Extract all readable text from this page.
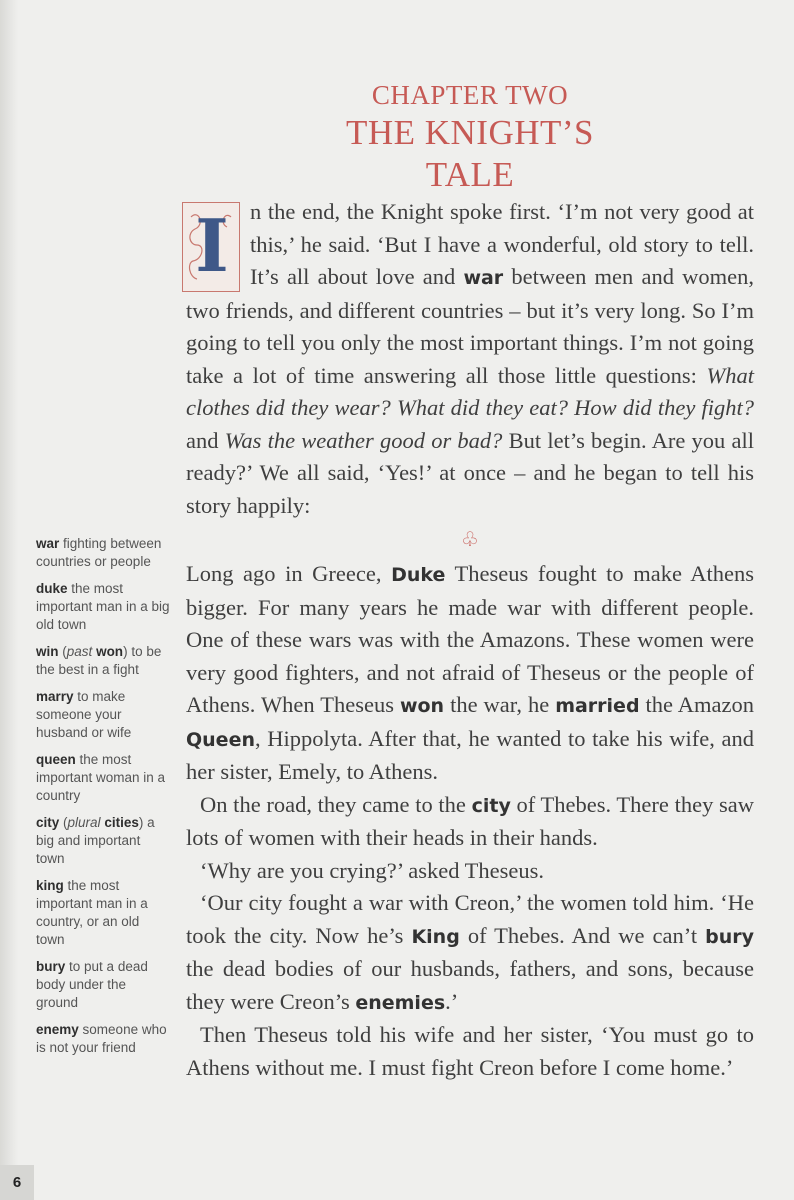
CHAPTER TWO
THE KNIGHT’S TALE

I n the end, the Knight spoke first. ‘I’m not very good at this,’ he said. ‘But I have a wonderful, old story to tell. It’s all about love and war between men and women, two friends, and different countries – but it’s very long. So I’m going to tell you only the most important things. I’m not going take a lot of time answering all those little questions: What clothes did they wear? What did they eat? How did they fight? and Was the weather good or bad? But let’s begin. Are you all ready?’ We all said, ‘Yes!’ at once – and he began to tell his story happily:

♧

Long ago in Greece, Duke Theseus fought to make Athens bigger. For many years he made war with different people. One of these wars was with the Amazons. These women were very good fighters, and not afraid of Theseus or the people of Athens. When Theseus won the war, he married the Amazon Queen, Hippolyta. After that, he wanted to take his wife, and her sister, Emely, to Athens.

On the road, they came to the city of Thebes. There they saw lots of women with their heads in their hands.

‘Why are you crying?’ asked Theseus.

‘Our city fought a war with Creon,’ the women told him. ‘He took the city. Now he’s King of Thebes. And we can’t bury the dead bodies of our husbands, fathers, and sons, because they were Creon’s enemies.’

Then Theseus told his wife and her sister, ‘You must go to Athens without me. I must fight Creon before I come home.’

war fighting between countries or people
duke the most important man in a big old town
win (past won) to be the best in a fight
marry to make someone your husband or wife
queen the most important woman in a country
city (plural cities) a big and important town
king the most important man in a country, or an old town
bury to put a dead body under the ground
enemy someone who is not your friend
6
